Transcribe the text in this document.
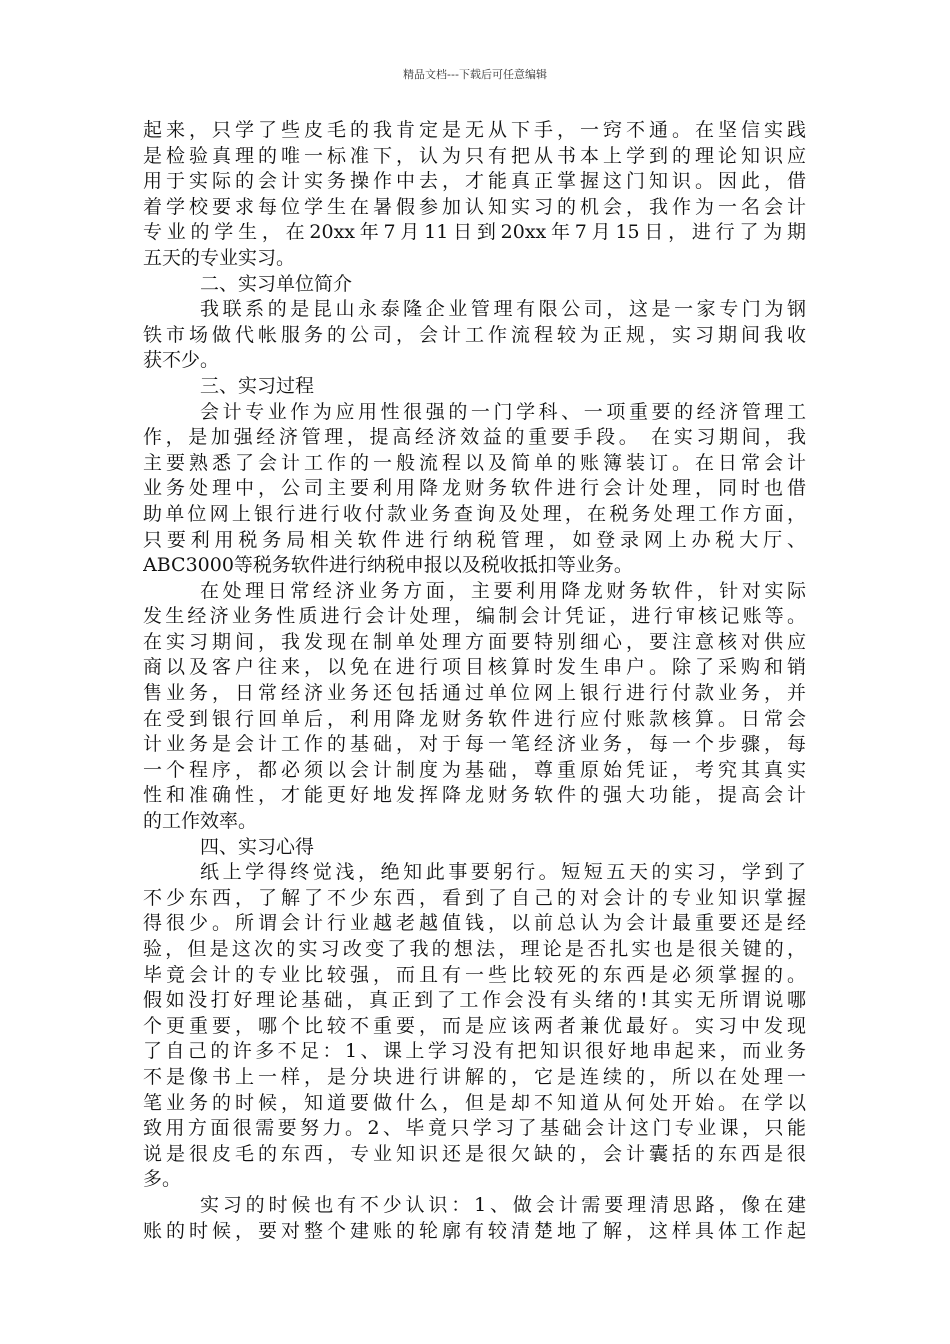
精品文档---下载后可任意编辑
起来，只学了些皮毛的我肯定是无从下手，一窍不通。在坚信实践
是检验真理的唯一标准下，认为只有把从书本上学到的理论知识应
用于实际的会计实务操作中去，才能真正掌握这门知识。因此，借
着学校要求每位学生在暑假参加认知实习的机会，我作为一名会计
专业的学生，在20xx年7月11日到20xx年7月15日，进行了为期
五天的专业实习。
二、实习单位简介
我联系的是昆山永泰隆企业管理有限公司，这是一家专门为钢
铁市场做代帐服务的公司，会计工作流程较为正规，实习期间我收
获不少。
三、实习过程
会计专业作为应用性很强的一门学科、一项重要的经济管理工
作，是加强经济管理，提高经济效益的重要手段。 在实习期间，我
主要熟悉了会计工作的一般流程以及简单的账簿装订。在日常会计
业务处理中，公司主要利用降龙财务软件进行会计处理，同时也借
助单位网上银行进行收付款业务查询及处理，在税务处理工作方面，
只要利用税务局相关软件进行纳税管理，如登录网上办税大厅、
ABC3000等税务软件进行纳税申报以及税收抵扣等业务。
在处理日常经济业务方面，主要利用降龙财务软件，针对实际
发生经济业务性质进行会计处理，编制会计凭证，进行审核记账等。
在实习期间，我发现在制单处理方面要特别细心，要注意核对供应
商以及客户往来，以免在进行项目核算时发生串户。除了采购和销
售业务，日常经济业务还包括通过单位网上银行进行付款业务，并
在受到银行回单后，利用降龙财务软件进行应付账款核算。日常会
计业务是会计工作的基础，对于每一笔经济业务，每一个步骤，每
一个程序，都必须以会计制度为基础，尊重原始凭证，考究其真实
性和准确性，才能更好地发挥降龙财务软件的强大功能，提高会计
的工作效率。
四、实习心得
纸上学得终觉浅，绝知此事要躬行。短短五天的实习，学到了
不少东西，了解了不少东西，看到了自己的对会计的专业知识掌握
得很少。所谓会计行业越老越值钱，以前总认为会计最重要还是经
验，但是这次的实习改变了我的想法，理论是否扎实也是很关键的，
毕竟会计的专业比较强，而且有一些比较死的东西是必须掌握的。
假如没打好理论基础，真正到了工作会没有头绪的!其实无所谓说哪
个更重要，哪个比较不重要，而是应该两者兼优最好。实习中发现
了自己的许多不足：1、课上学习没有把知识很好地串起来，而业务
不是像书上一样，是分块进行讲解的，它是连续的，所以在处理一
笔业务的时候，知道要做什么，但是却不知道从何处开始。在学以
致用方面很需要努力。2、毕竟只学习了基础会计这门专业课，只能
说是很皮毛的东西，专业知识还是很欠缺的，会计囊括的东西是很
多。
实习的时候也有不少认识：1、做会计需要理清思路，像在建
账的时候，要对整个建账的轮廓有较清楚地了解，这样具体工作起
